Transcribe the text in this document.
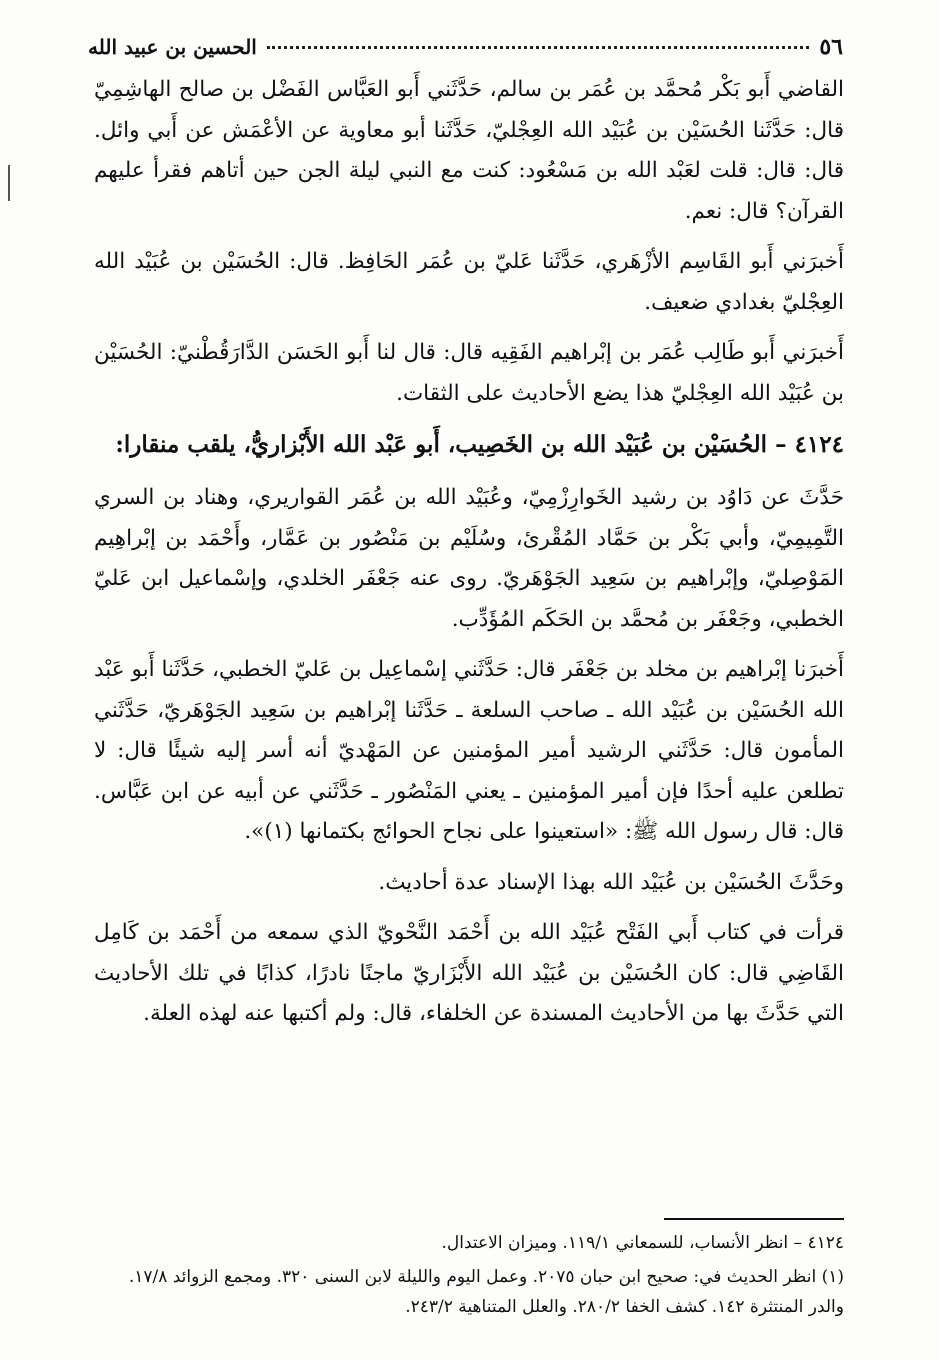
٥٦
الحسين بن عبيد الله

القاضي أَبو بَكْر مُحمَّد بن عُمَر بن سالم، حَدَّثَني أَبو العَبَّاس الفَضْل بن صالح الهاشِمِيّ قال: حَدَّثَنا الحُسَيْن بن عُبَيْد الله العِجْليّ، حَدَّثَنا أبو معاوية عن الأعْمَش عن أَبي وائل. قال: قال: قلت لعَبْد الله بن مَسْعُود: كنت مع النبي ليلة الجن حين أتاهم فقرأ عليهم القرآن؟ قال: نعم.

أَخبرَني أَبو القَاسِم الأزْهَري، حَدَّثَنا عَليّ بن عُمَر الحَافِظ. قال: الحُسَيْن بن عُبَيْد الله العِجْليّ بغدادي ضعيف.

أَخبرَني أَبو طَالِب عُمَر بن إبْراهيم الفَقِيه قال: قال لنا أَبو الحَسَن الدَّارَقُطْنيّ: الحُسَيْن بن عُبَيْد الله العِجْليّ هذا يضع الأحاديث على الثقات.

٤١٢٤ – الحُسَيْن بن عُبَيْد الله بن الخَصِيب، أَبو عَبْد الله الأَبْزاريُّ، يلقب منقارا:

حَدَّثَ عن دَاوُد بن رشيد الخَوارِزْمِيّ، وعُبَيْد الله بن عُمَر القواريري، وهناد بن السري التَّمِيمِيّ، وأبي بَكْر بن حَمَّاد المُقْرئ، وسُلَيْم بن مَنْصُور بن عَمَّار، وأَحْمَد بن إبْراهِيم المَوْصِليّ، وإبْراهيم بن سَعِيد الجَوْهَريّ. روى عنه جَعْفَر الخلدي، وإسْماعيل ابن عَليّ الخطبي، وجَعْفَر بن مُحمَّد بن الحَكَم المُؤَدِّب.

أَخبرَنا إبْراهيم بن مخلد بن جَعْفَر قال: حَدَّثَني إسْماعِيل بن عَليّ الخطبي، حَدَّثَنا أَبو عَبْد الله الحُسَيْن بن عُبَيْد الله ـ صاحب السلعة ـ حَدَّثَنا إبْراهيم بن سَعِيد الجَوْهَريّ، حَدَّثَني المأمون قال: حَدَّثَني الرشيد أمير المؤمنين عن المَهْديّ أنه أسر إليه شيئًا قال: لا تطلعن عليه أحدًا فإن أمير المؤمنين ـ يعني المَنْصُور ـ حَدَّثَني عن أبيه عن ابن عَبَّاس. قال: قال رسول الله ﷺ: «استعينوا على نجاح الحوائج بكتمانها (١)».

وحَدَّثَ الحُسَيْن بن عُبَيْد الله بهذا الإسناد عدة أحاديث.

قرأت في كتاب أَبي الفَتْح عُبَيْد الله بن أَحْمَد النَّحْويّ الذي سمعه من أَحْمَد بن كَامِل القَاضِي قال: كان الحُسَيْن بن عُبَيْد الله الأَبْزَاريّ ماجنًا نادرًا، كذابًا في تلك الأحاديث التي حَدَّثَ بها من الأحاديث المسندة عن الخلفاء، قال: ولم أكتبها عنه لهذه العلة.

٤١٢٤ – انظر الأنساب، للسمعاني ١١٩/١. وميزان الاعتدال.

(١) انظر الحديث في: صحيح ابن حبان ٢٠٧٥. وعمل اليوم والليلة لابن السنى ٣٢٠. ومجمع الزوائد ١٧/٨. والدر المنتثرة ١٤٢. كشف الخفا ٢٨٠/٢. والعلل المتناهية ٢٤٣/٢.
